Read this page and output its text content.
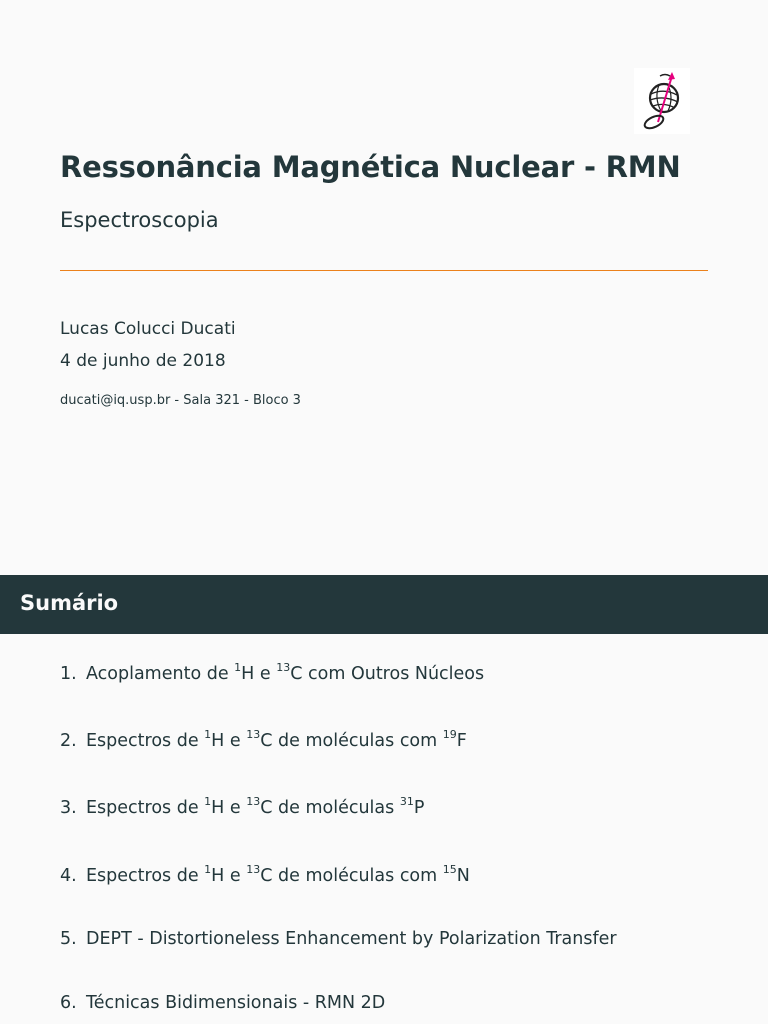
Ressonância Magnética Nuclear - RMN
Espectroscopia
Lucas Colucci Ducati
4 de junho de 2018
ducati@iq.usp.br - Sala 321 - Bloco 3
Sumário
1. Acoplamento de $^1$H e $^{13}$C com Outros Núcleos
2. Espectros de $^1$H e $^{13}$C de moléculas com $^{19}$F
3. Espectros de $^1$H e $^{13}$C de moléculas $^{31}$P
4. Espectros de $^1$H e $^{13}$C de moléculas com $^{15}$N
5. DEPT - Distortioneless Enhancement by Polarization Transfer
6. Técnicas Bidimensionais - RMN 2D
